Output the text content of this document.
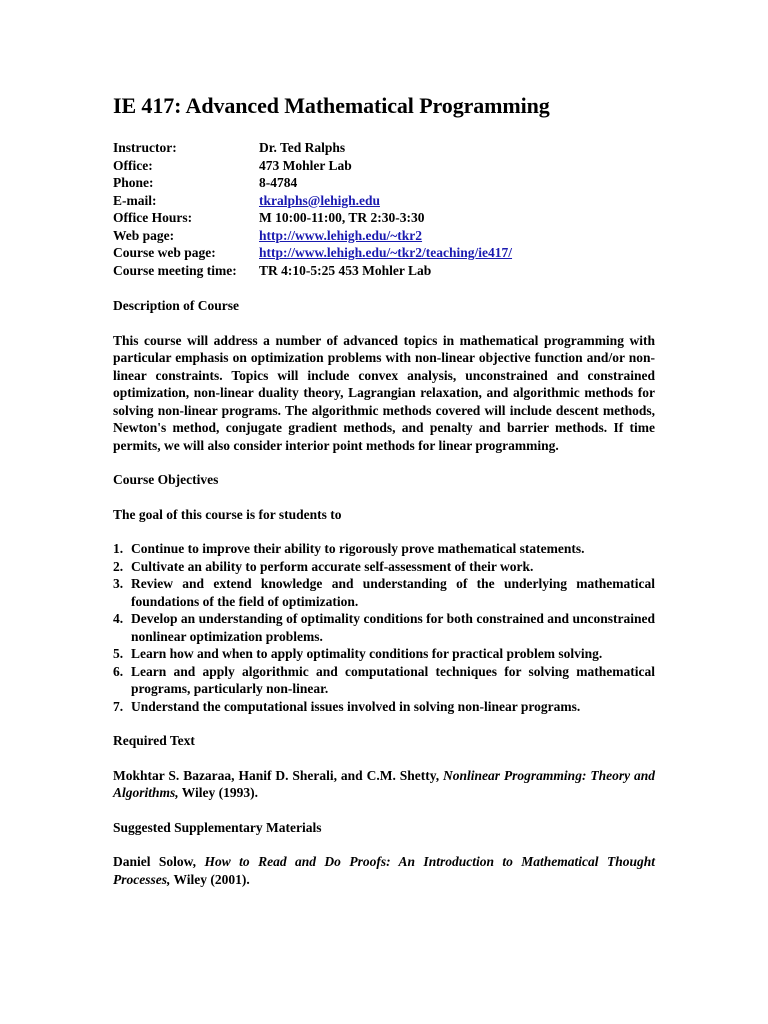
IE 417: Advanced Mathematical Programming
Instructor:	Dr. Ted Ralphs
Office:	473 Mohler Lab
Phone:	8-4784
E-mail:	tkralphs@lehigh.edu
Office Hours:	M 10:00-11:00, TR 2:30-3:30
Web page:	http://www.lehigh.edu/~tkr2
Course web page:	http://www.lehigh.edu/~tkr2/teaching/ie417/
Course meeting time:	TR 4:10-5:25 453 Mohler Lab
Description of Course

This course will address a number of advanced topics in mathematical programming with particular emphasis on optimization problems with non-linear objective function and/or non-linear constraints. Topics will include convex analysis, unconstrained and constrained optimization, non-linear duality theory, Lagrangian relaxation, and algorithmic methods for solving non-linear programs. The algorithmic methods covered will include descent methods, Newton's method, conjugate gradient methods, and penalty and barrier methods. If time permits, we will also consider interior point methods for linear programming.

Course Objectives
The goal of this course is for students to
1. Continue to improve their ability to rigorously prove mathematical statements.
2. Cultivate an ability to perform accurate self-assessment of their work.
3. Review and extend knowledge and understanding of the underlying mathematical foundations of the field of optimization.
4. Develop an understanding of optimality conditions for both constrained and unconstrained nonlinear optimization problems.
5. Learn how and when to apply optimality conditions for practical problem solving.
6. Learn and apply algorithmic and computational techniques for solving mathematical programs, particularly non-linear.
7. Understand the computational issues involved in solving non-linear programs.
Required Text

Mokhtar S. Bazaraa, Hanif D. Sherali, and C.M. Shetty, Nonlinear Programming: Theory and Algorithms, Wiley (1993).

Suggested Supplementary Materials

Daniel Solow, How to Read and Do Proofs: An Introduction to Mathematical Thought Processes, Wiley (2001).
